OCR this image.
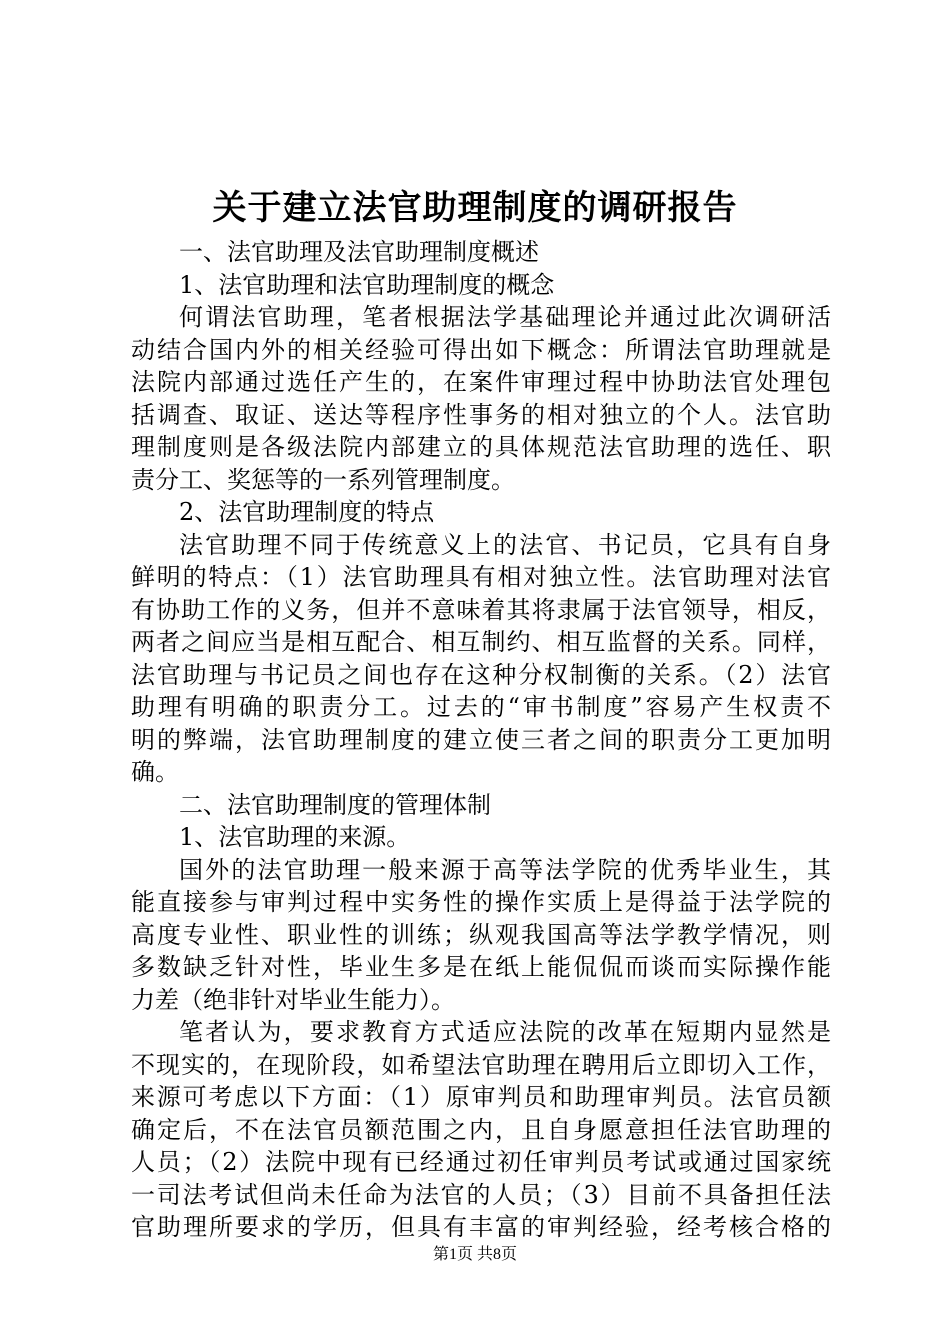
关于建立法官助理制度的调研报告
一、法官助理及法官助理制度概述
1、法官助理和法官助理制度的概念
何谓法官助理，笔者根据法学基础理论并通过此次调研活
动结合国内外的相关经验可得出如下概念：所谓法官助理就是
法院内部通过选任产生的，在案件审理过程中协助法官处理包
括调查、取证、送达等程序性事务的相对独立的个人。法官助
理制度则是各级法院内部建立的具体规范法官助理的选任、职
责分工、奖惩等的一系列管理制度。
2、法官助理制度的特点
法官助理不同于传统意义上的法官、书记员，它具有自身
鲜明的特点：（1）法官助理具有相对独立性。法官助理对法官
有协助工作的义务，但并不意味着其将隶属于法官领导，相反，
两者之间应当是相互配合、相互制约、相互监督的关系。同样，
法官助理与书记员之间也存在这种分权制衡的关系。（2）法官
助理有明确的职责分工。过去的“审书制度”容易产生权责不
明的弊端，法官助理制度的建立使三者之间的职责分工更加明
确。
二、法官助理制度的管理体制
1、法官助理的来源。
国外的法官助理一般来源于高等法学院的优秀毕业生，其
能直接参与审判过程中实务性的操作实质上是得益于法学院的
高度专业性、职业性的训练；纵观我国高等法学教学情况，则
多数缺乏针对性，毕业生多是在纸上能侃侃而谈而实际操作能
力差（绝非针对毕业生能力）。
笔者认为，要求教育方式适应法院的改革在短期内显然是
不现实的，在现阶段，如希望法官助理在聘用后立即切入工作，
来源可考虑以下方面：（1）原审判员和助理审判员。法官员额
确定后，不在法官员额范围之内，且自身愿意担任法官助理的
人员；（2）法院中现有已经通过初任审判员考试或通过国家统
一司法考试但尚未任命为法官的人员；（3）目前不具备担任法
官助理所要求的学历，但具有丰富的审判经验，经考核合格的
第1页 共8页
